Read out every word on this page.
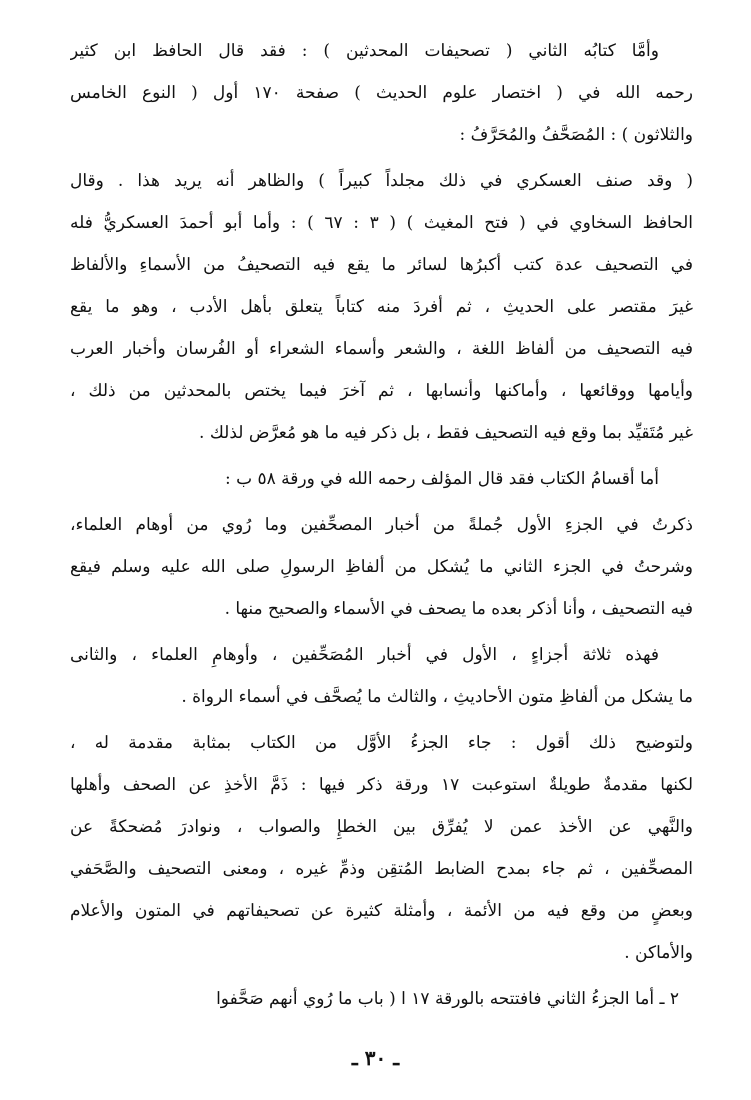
وأمَّا كتابُه الثاني ( تصحيفات المحدثين ) : فقد قال الحافظ ابن كثير
رحمه الله في ( اختصار علوم الحديث ) صفحة ١٧٠ أول ( النوع الخامس
والثلاثون ) : المُصَحَّفُ والمُحَرَّفُ :
( وقد صنف العسكري في ذلك مجلداً كبيراً ) والظاهر أنه يريد هذا . وقال
الحافظ السخاوي في ( فتح المغيث ) ( ٣ : ٦٧ ) : وأما أبو أحمدَ العسكريُّ فله
في التصحيف عدة كتب أكبرُها لسائر ما يقع فيه التصحيفُ من الأسماءِ والألفاظ
غيرَ مقتصر على الحديثِ ، ثم أفردَ منه كتاباً يتعلق بأهل الأدب ، وهو ما يقع
فيه التصحيف من ألفاظ اللغة ، والشعر وأسماء الشعراء أو الفُرسان وأخبار العرب
وأيامها ووقائعها ، وأماكنها وأنسابها ، ثم آخرَ فيما يختص بالمحدثين من ذلك ،
غير مُتَقيِّد بما وقع فيه التصحيف فقط ، بل ذكر فيه ما هو مُعرَّض لذلك .
أما أقسامُ الكتاب فقد قال المؤلف رحمه الله في ورقة ٥٨ ب :
ذكرتُ في الجزءِ الأول جُملةً من أخبار المصحِّفين وما رُوي من أوهام العلماء،
وشرحتُ في الجزء الثاني ما يُشكل من ألفاظِ الرسولِ صلى الله عليه وسلم فيقع
فيه التصحيف ، وأنا أذكر بعده ما يصحف في الأسماء والصحيح منها .
فهذه ثلاثة أجزاءٍ ، الأول في أخبار المُصَحِّفين ، وأوهامِ العلماء ، والثانى
ما يشكل من ألفاظِ متون الأحاديثِ ، والثالث ما يُصحَّف في أسماء الرواة .
ولتوضيح ذلك أقول : جاء الجزءُ الأوَّل من الكتاب بمثابة مقدمة له ،
لكنها مقدمةٌ طويلةٌ استوعبت ١٧ ورقة ذكر فيها : ذَمَّ الأخذِ عن الصحف وأهلها
والنَّهي عن الأخذ عمن لا يُفرِّق بين الخطإِ والصواب ، ونوادرَ مُضحكةً عن
المصحِّفين ، ثم جاء بمدح الضابط المُتقِن وذمِّ غيره ، ومعنى التصحيف والصَّحَفي
وبعضٍ من وقع فيه من الأئمة ، وأمثلة كثيرة عن تصحيفاتهم في المتون والأعلام
والأماكن .
٢ ـ أما الجزءُ الثاني فافتتحه بالورقة ١٧ ا ( باب ما رُوي أنهم صَحَّفوا
ـ ٣٠ ـ
